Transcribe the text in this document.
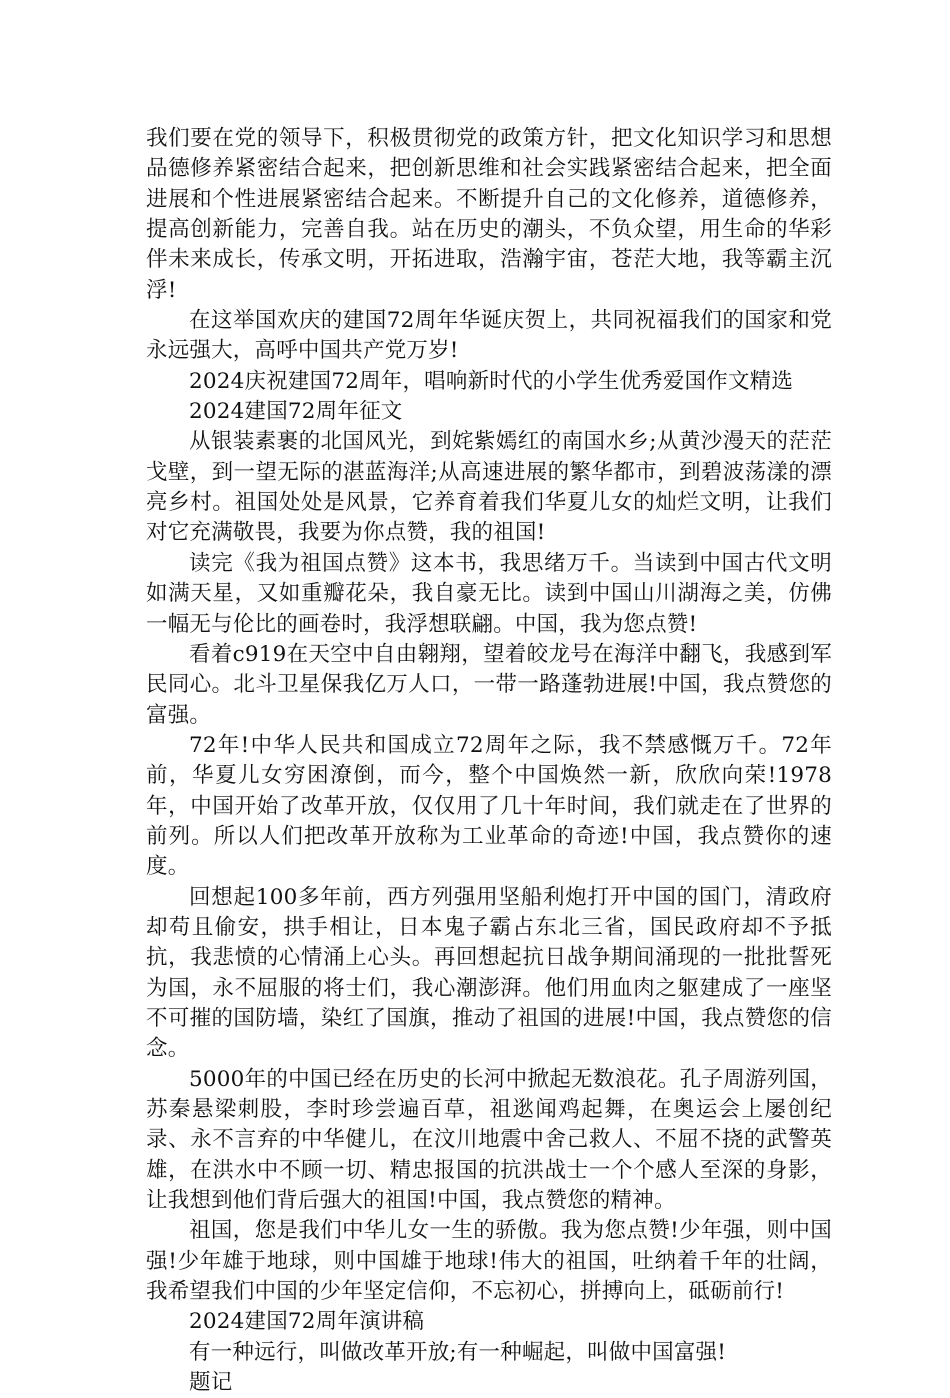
我们要在党的领导下，积极贯彻党的政策方针，把文化知识学习和思想品德修养紧密结合起来，把创新思维和社会实践紧密结合起来，把全面进展和个性进展紧密结合起来。不断提升自己的文化修养，道德修养，提高创新能力，完善自我。站在历史的潮头，不负众望，用生命的华彩伴未来成长，传承文明，开拓进取，浩瀚宇宙，苍茫大地，我等霸主沉浮!

在这举国欢庆的建国72周年华诞庆贺上，共同祝福我们的国家和党永远强大，高呼中国共产党万岁!

2024庆祝建国72周年，唱响新时代的小学生优秀爱国作文精选

2024建国72周年征文

从银装素裹的北国风光，到姹紫嫣红的南国水乡;从黄沙漫天的茫茫戈壁，到一望无际的湛蓝海洋;从高速进展的繁华都市，到碧波荡漾的漂亮乡村。祖国处处是风景，它养育着我们华夏儿女的灿烂文明，让我们对它充满敬畏，我要为你点赞，我的祖国!

读完《我为祖国点赞》这本书，我思绪万千。当读到中国古代文明如满天星，又如重瓣花朵，我自豪无比。读到中国山川湖海之美，仿佛一幅无与伦比的画卷时，我浮想联翩。中国，我为您点赞!

看着c919在天空中自由翱翔，望着皎龙号在海洋中翻飞，我感到军民同心。北斗卫星保我亿万人口，一带一路蓬勃进展!中国，我点赞您的富强。

72年!中华人民共和国成立72周年之际，我不禁感慨万千。72年前，华夏儿女穷困潦倒，而今，整个中国焕然一新，欣欣向荣!1978年，中国开始了改革开放，仅仅用了几十年时间，我们就走在了世界的前列。所以人们把改革开放称为工业革命的奇迹!中国，我点赞你的速度。

回想起100多年前，西方列强用坚船利炮打开中国的国门，清政府却苟且偷安，拱手相让，日本鬼子霸占东北三省，国民政府却不予抵抗，我悲愤的心情涌上心头。再回想起抗日战争期间涌现的一批批誓死为国，永不屈服的将士们，我心潮澎湃。他们用血肉之躯建成了一座坚不可摧的国防墙，染红了国旗，推动了祖国的进展!中国，我点赞您的信念。

5000年的中国已经在历史的长河中掀起无数浪花。孔子周游列国，苏秦悬梁刺股，李时珍尝遍百草，祖逖闻鸡起舞，在奥运会上屡创纪录、永不言弃的中华健儿，在汶川地震中舍己救人、不屈不挠的武警英雄，在洪水中不顾一切、精忠报国的抗洪战士一个个感人至深的身影，让我想到他们背后强大的祖国!中国，我点赞您的精神。

祖国，您是我们中华儿女一生的骄傲。我为您点赞!少年强，则中国强!少年雄于地球，则中国雄于地球!伟大的祖国，吐纳着千年的壮阔，我希望我们中国的少年坚定信仰，不忘初心，拼搏向上，砥砺前行!

2024建国72周年演讲稿

有一种远行，叫做改革开放;有一种崛起，叫做中国富强!

题记
